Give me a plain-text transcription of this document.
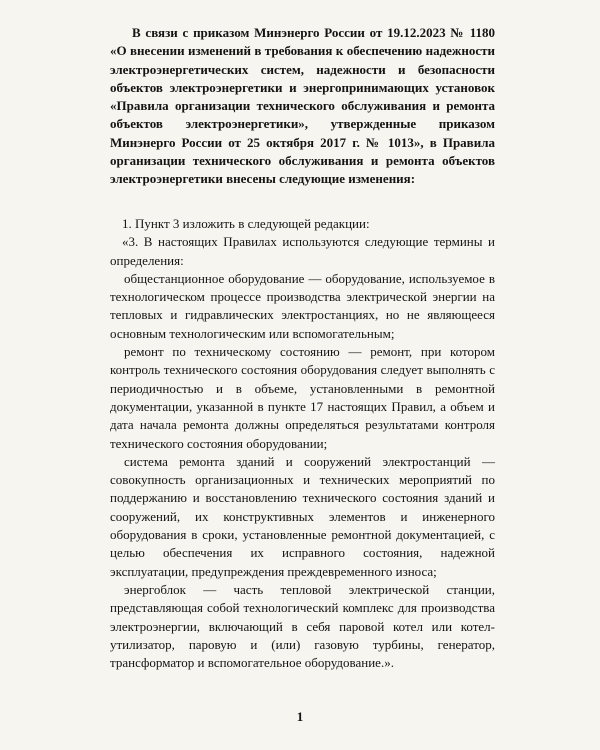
В связи с приказом Минэнерго России от 19.12.2023 № 1180 «О внесении изменений в требования к обеспечению надежности электроэнергетических систем, надежности и безопасности объектов электроэнергетики и энергопринимающих установок «Правила организации технического обслуживания и ремонта объектов электроэнергетики», утвержденные приказом Минэнерго России от 25 октября 2017 г. № 1013», в Правила организации технического обслуживания и ремонта объектов электроэнергетики внесены следующие изменения:

1. Пункт 3 изложить в следующей редакции:

«3. В настоящих Правилах используются следующие термины и определения:

общестанционное оборудование — оборудование, используемое в технологическом процессе производства электрической энергии на тепловых и гидравлических электростанциях, но не являющееся основным технологическим или вспомогательным;

ремонт по техническому состоянию — ремонт, при котором контроль технического состояния оборудования следует выполнять с периодичностью и в объеме, установленными в ремонтной документации, указанной в пункте 17 настоящих Правил, а объем и дата начала ремонта должны определяться результатами контроля технического состояния оборудовании;

система ремонта зданий и сооружений электростанций — совокупность организационных и технических мероприятий по поддержанию и восстановлению технического состояния зданий и сооружений, их конструктивных элементов и инженерного оборудования в сроки, установленные ремонтной документацией, с целью обеспечения их исправного состояния, надежной эксплуатации, предупреждения преждевременного износа;

энергоблок — часть тепловой электрической станции, представляющая собой технологический комплекс для производства электроэнергии, включающий в себя паровой котел или котел-утилизатор, паровую и (или) газовую турбины, генератор, трансформатор и вспомогательное оборудование.».

1
